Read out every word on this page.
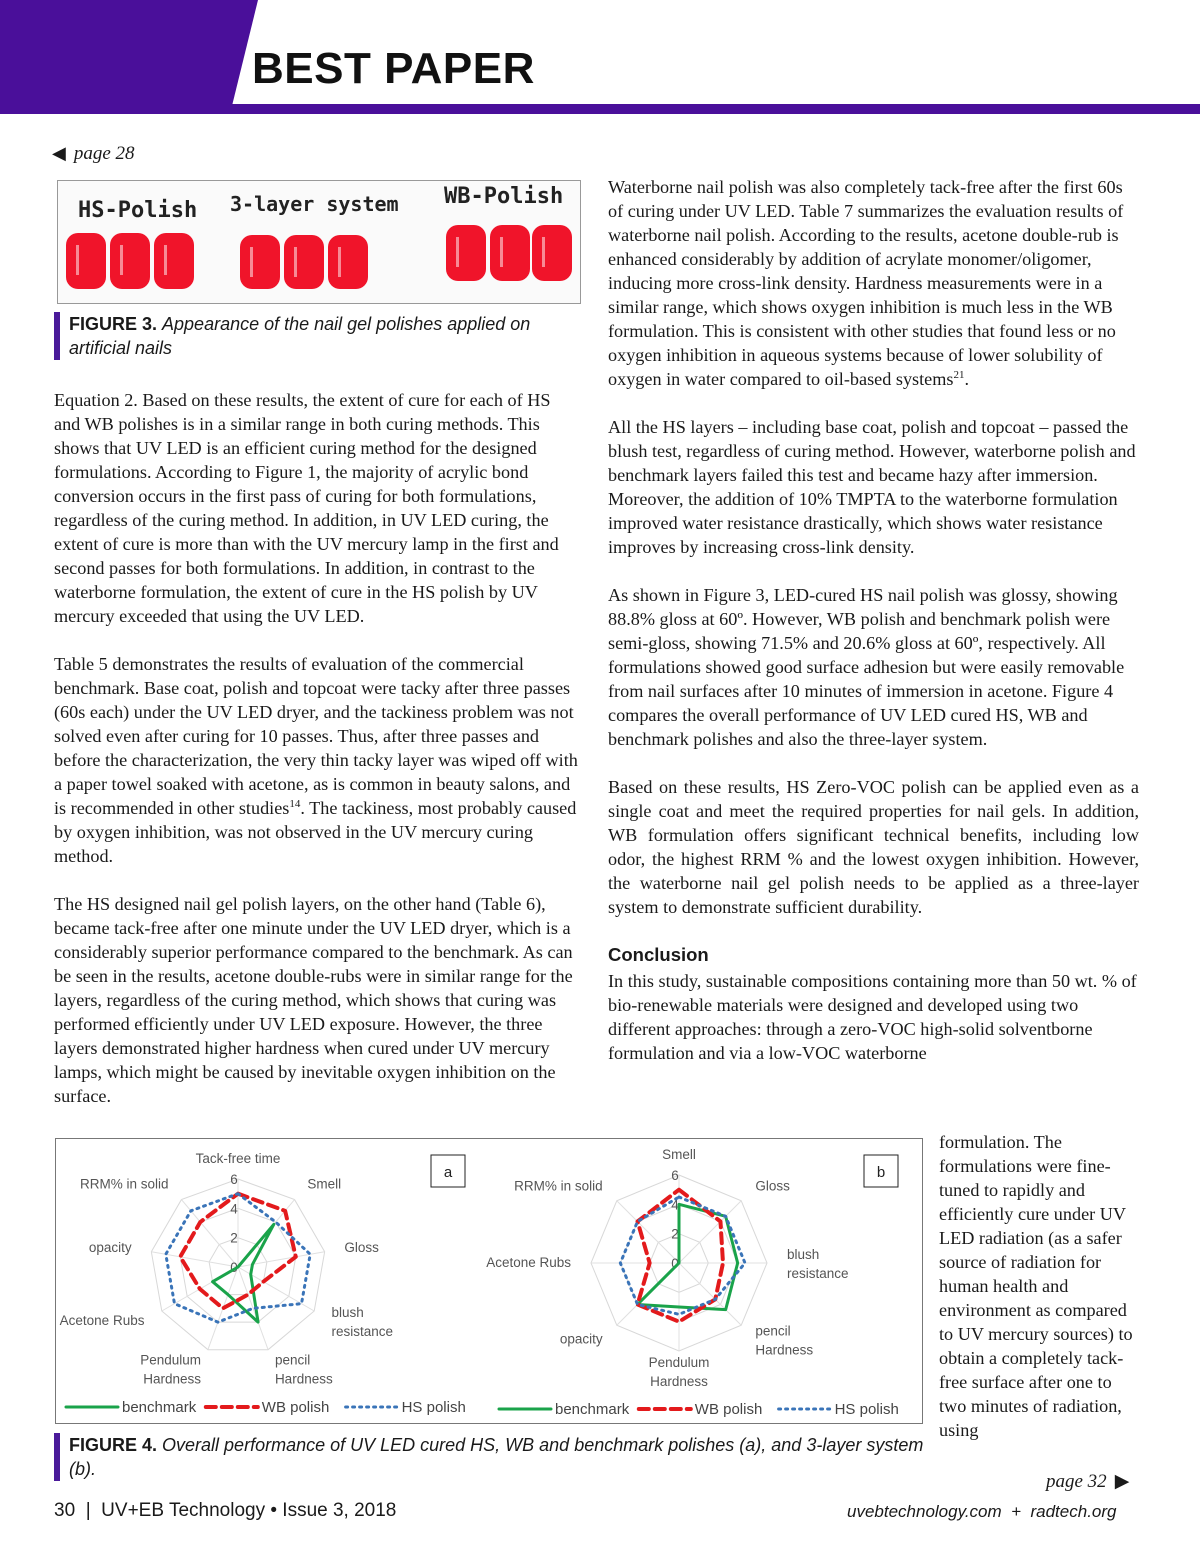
BEST PAPER
◀ page 28
HS-Polish 3-layer system WB-Polish
FIGURE 3. Appearance of the nail gel polishes applied on artificial nails

Equation 2. Based on these results, the extent of cure for each of HS and WB polishes is in a similar range in both curing methods. This shows that UV LED is an efficient curing method for the designed formulations. According to Figure 1, the majority of acrylic bond conversion occurs in the first pass of curing for both formulations, regardless of the curing method. In addition, in UV LED curing, the extent of cure is more than with the UV mercury lamp in the first and second passes for both formulations. In addition, in contrast to the waterborne formulation, the extent of cure in the HS polish by UV mercury exceeded that using the UV LED.

Table 5 demonstrates the results of evaluation of the commercial benchmark. Base coat, polish and topcoat were tacky after three passes (60s each) under the UV LED dryer, and the tackiness problem was not solved even after curing for 10 passes. Thus, after three passes and before the characterization, the very thin tacky layer was wiped off with a paper towel soaked with acetone, as is common in beauty salons, and is recommended in other studies$^{14}$. The tackiness, most probably caused by oxygen inhibition, was not observed in the UV mercury curing method.

The HS designed nail gel polish layers, on the other hand (Table 6), became tack-free after one minute under the UV LED dryer, which is a considerably superior performance compared to the benchmark. As can be seen in the results, acetone double-rubs were in similar range for the layers, regardless of the curing method, which shows that curing was performed efficiently under UV LED exposure. However, the three layers demonstrated higher hardness when cured under UV mercury lamps, which might be caused by inevitable oxygen inhibition on the surface.

Waterborne nail polish was also completely tack-free after the first 60s of curing under UV LED. Table 7 summarizes the evaluation results of waterborne nail polish. According to the results, acetone double-rub is enhanced considerably by addition of acrylate monomer/oligomer, inducing more cross-link density. Hardness measurements were in a similar range, which shows oxygen inhibition is much less in the WB formulation. This is consistent with other studies that found less or no oxygen inhibition in aqueous systems because of lower solubility of oxygen in water compared to oil-based systems$^{21}$.

All the HS layers – including base coat, polish and topcoat – passed the blush test, regardless of curing method. However, waterborne polish and benchmark layers failed this test and became hazy after immersion. Moreover, the addition of 10% TMPTA to the waterborne formulation improved water resistance drastically, which shows water resistance improves by increasing cross-link density.

As shown in Figure 3, LED-cured HS nail polish was glossy, showing 88.8% gloss at 60º. However, WB polish and benchmark polish were semi-gloss, showing 71.5% and 20.6% gloss at 60º, respectively. All formulations showed good surface adhesion but were easily removable from nail surfaces after 10 minutes of immersion in acetone. Figure 4 compares the overall performance of UV LED cured HS, WB and benchmark polishes and also the three-layer system.

Based on these results, HS Zero-VOC polish can be applied even as a single coat and meet the required properties for nail gels. In addition, WB formulation offers significant technical benefits, including low odor, the highest RRM % and the lowest oxygen inhibition. However, the waterborne nail gel polish needs to be applied as a three-layer system to demonstrate sufficient durability.

Conclusion

In this study, sustainable compositions containing more than 50 wt. % of bio-renewable materials were designed and developed using two different approaches: through a zero-VOC high-solid solventborne formulation and via a low-VOC waterborne

formulation. The formulations were fine-tuned to rapidly and efficiently cure under UV LED radiation (as a safer source of radiation for human health and environment as compared to UV mercury sources) to obtain a completely tack-free surface after one to two minutes of radiation, using

0
2
4
6
Tack-free time
Smell
Gloss
blush resistance
pencil Hardness
Pendulum Hardness
Acetone Rubs
opacity
RRM% in solid
a
benchmark	WB polish	HS polish
0
2
4
6
Smell
Gloss
blush resistance
pencil Hardness
Pendulum Hardness
opacity
Acetone Rubs
RRM% in solid
b
benchmark	WB polish	HS polish
FIGURE 4. Overall performance of UV LED cured HS, WB and benchmark polishes (a), and 3-layer system (b).
page 32 ▶
30  |  UV+EB Technology • Issue 3, 2018	uvebtechnology.com  +  radtech.org
